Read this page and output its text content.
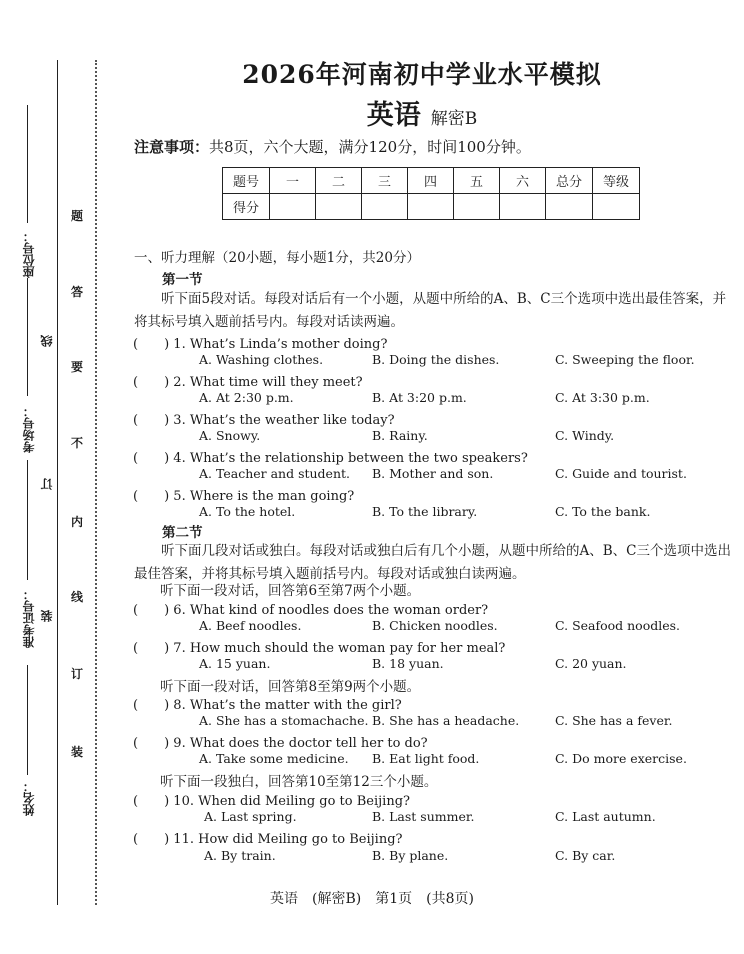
座位号：
考场号：
准考证号：
姓名：
线
订
装
题
答
要
不
内
线
订
装
2026年河南初中学业水平模拟
英语 解密B
注意事项：共8页，六个大题，满分120分，时间100分钟。
题号	一	二	三	四	五	六	总分	等级
得分								
一、听力理解（20小题，每小题1分，共20分）
第一节
听下面5段对话。每段对话后有一个小题，从题中所给的A、B、C三个选项中选出最佳答案，并将其标号填入题前括号内。每段对话读两遍。
(　　) 1. What’s Linda’s mother doing?
A. Washing clothes.	B. Doing the dishes.	C. Sweeping the floor.
(　　) 2. What time will they meet?
A. At 2:30 p.m.	B. At 3:20 p.m.	C. At 3:30 p.m.
(　　) 3. What’s the weather like today?
A. Snowy.	B. Rainy.	C. Windy.
(　　) 4. What’s the relationship between the two speakers?
A. Teacher and student. B. Mother and son.	C. Guide and tourist.
(　　) 5. Where is the man going?
A. To the hotel.	B. To the library.	C. To the bank.
第二节
听下面几段对话或独白。每段对话或独白后有几个小题，从题中所给的A、B、C三个选项中选出最佳答案，并将其标号填入题前括号内。每段对话或独白读两遍。
听下面一段对话，回答第6至第7两个小题。
(　　) 6. What kind of noodles does the woman order?
A. Beef noodles.	B. Chicken noodles.	C. Seafood noodles.
(　　) 7. How much should the woman pay for her meal?
A. 15 yuan.	B. 18 yuan.	C. 20 yuan.
听下面一段对话，回答第8至第9两个小题。
(　　) 8. What’s the matter with the girl?
A. She has a stomachache. B. She has a headache.	C. She has a fever.
(　　) 9. What does the doctor tell her to do?
A. Take some medicine. B. Eat light food.	C. Do more exercise.
听下面一段独白，回答第10至第12三个小题。
(　　) 10. When did Meiling go to Beijing?
A. Last spring.	B. Last summer.	C. Last autumn.
(　　) 11. How did Meiling go to Beijing?
A. By train.	B. By plane.	C. By car.
英语　(解密B)　第1页　(共8页)
